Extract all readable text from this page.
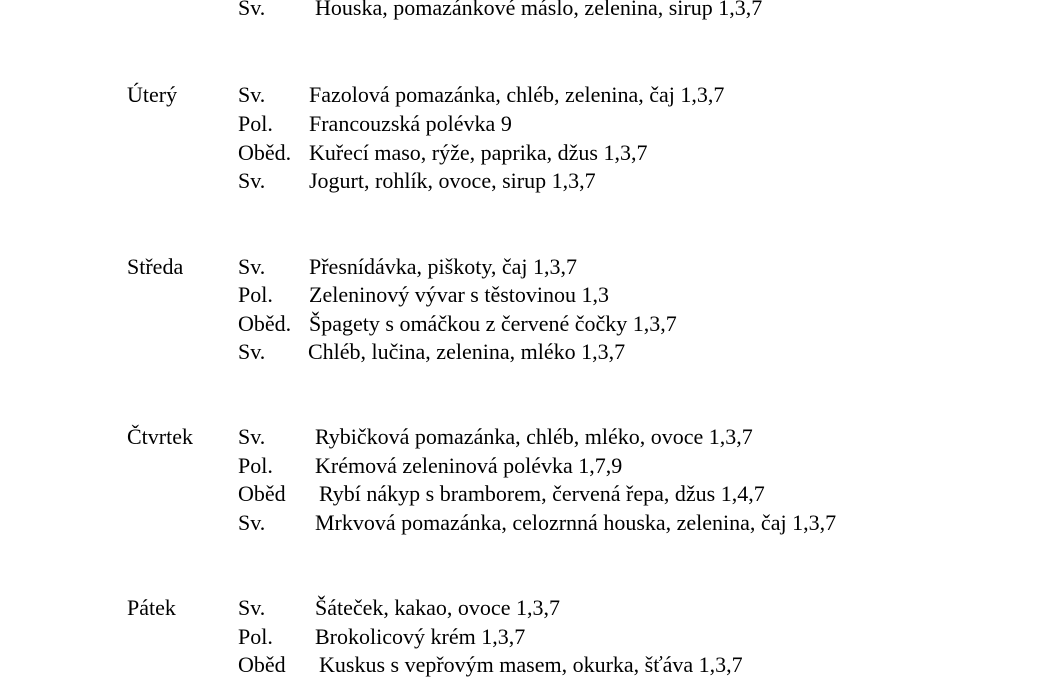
Sv. Houska, pomazánkové máslo, zelenina, sirup 1,3,7
Úterý	Sv. Fazolová pomazánka, chléb, zelenina, čaj 1,3,7
Pol. Francouzská polévka 9
Oběd. Kuřecí maso, rýže, paprika, džus 1,3,7
Sv. Jogurt, rohlík, ovoce, sirup 1,3,7
Středa Sv. Přesnídávka, piškoty, čaj 1,3,7
Pol. Zeleninový vývar s těstovinou 1,3
Oběd. Špagety s omáčkou z červené čočky 1,3,7
Sv. Chléb, lučina, zelenina, mléko 1,3,7
Čtvrtek Sv. Rybičková pomazánka, chléb, mléko, ovoce 1,3,7
Pol. Krémová zeleninová polévka 1,7,9
Oběd Rybí nákyp s bramborem, červená řepa, džus 1,4,7
Sv. Mrkvová pomazánka, celozrnná houska, zelenina, čaj 1,3,7
Pátek	Sv. Šáteček, kakao, ovoce 1,3,7
Pol. Brokolicový krém 1,3,7
Oběd Kuskus s vepřovým masem, okurka, šťáva 1,3,7
